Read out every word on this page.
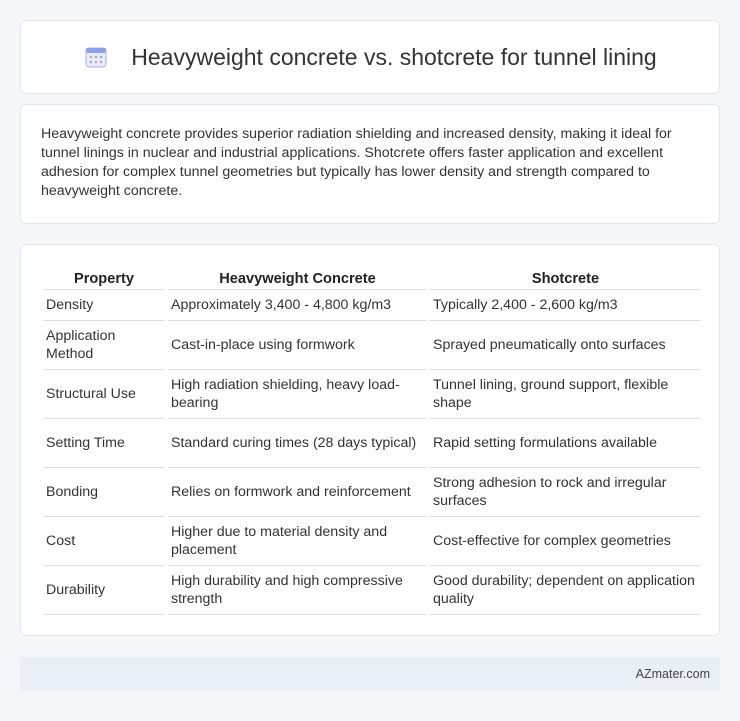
Heavyweight concrete vs. shotcrete for tunnel lining

Heavyweight concrete provides superior radiation shielding and increased density, making it ideal for tunnel linings in nuclear and industrial applications. Shotcrete offers faster application and excellent adhesion for complex tunnel geometries but typically has lower density and strength compared to heavyweight concrete.

Property	Heavyweight Concrete	Shotcrete
Density	Approximately 3,400 - 4,800 kg/m3	Typically 2,400 - 2,600 kg/m3
Application Method	Cast-in-place using formwork	Sprayed pneumatically onto surfaces
Structural Use	High radiation shielding, heavy load-bearing	Tunnel lining, ground support, flexible shape
Setting Time	Standard curing times (28 days typical)	Rapid setting formulations available
Bonding	Relies on formwork and reinforcement	Strong adhesion to rock and irregular surfaces
Cost	Higher due to material density and placement	Cost-effective for complex geometries
Durability	High durability and high compressive strength	Good durability; dependent on application quality
AZmater.com
